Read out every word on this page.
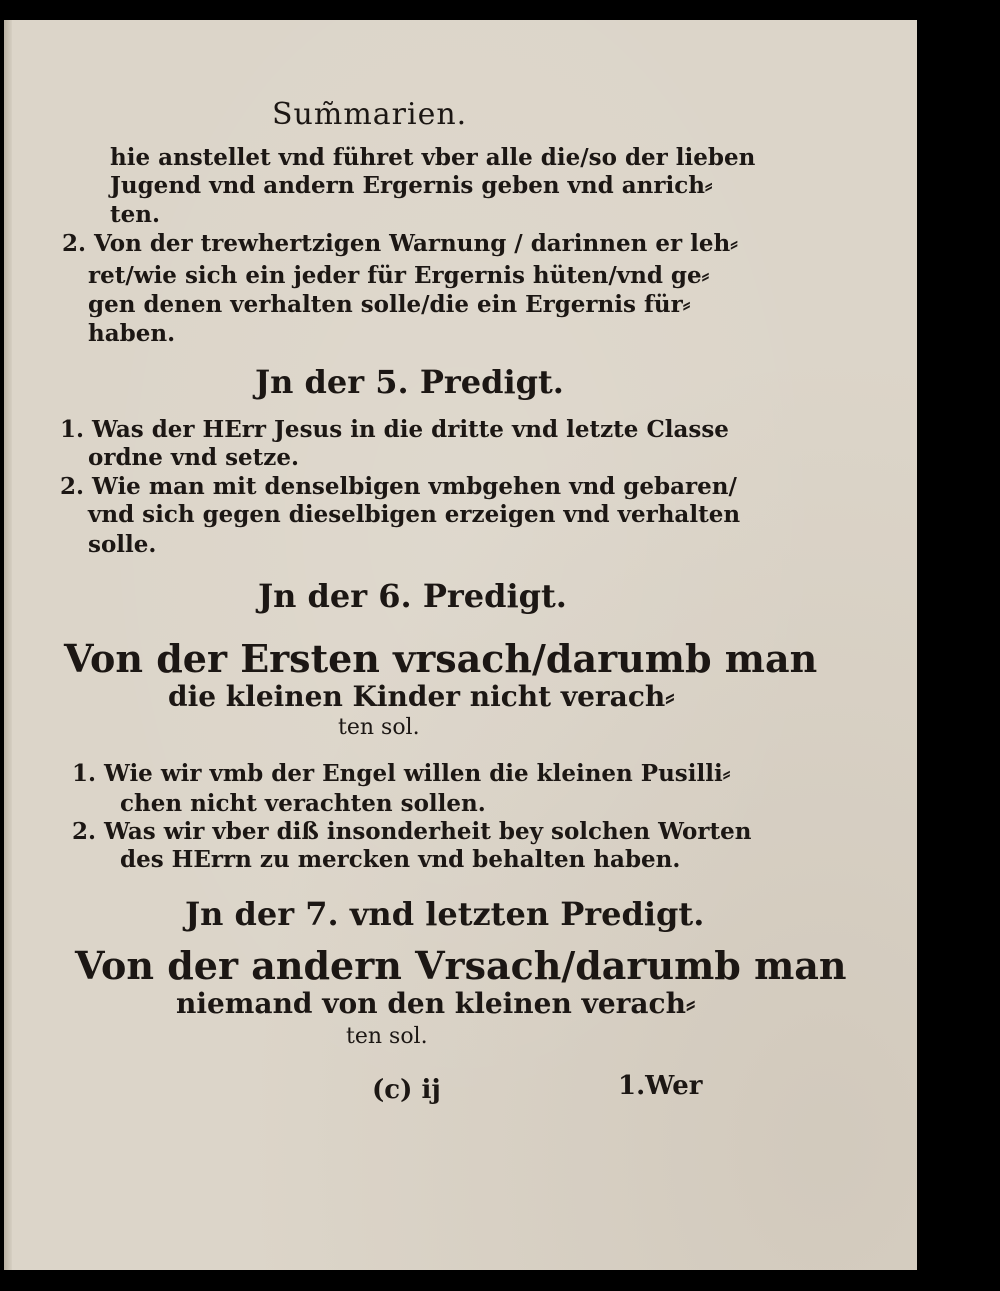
Sum̃marien.
hie anstellet vnd führet vber alle die/so der lieben
Jugend vnd andern Ergernis geben vnd anrich⸗
ten.
2. Von der trewhertzigen Warnung / darinnen er leh⸗
ret/wie sich ein jeder für Ergernis hüten/vnd ge⸗
gen denen verhalten solle/die ein Ergernis für⸗
haben.
Jn der 5. Predigt.
1. Was der HErr Jesus in die dritte vnd letzte Classe
ordne vnd setze.
2. Wie man mit denselbigen vmbgehen vnd gebaren/
vnd sich gegen dieselbigen erzeigen vnd verhalten
solle.
Jn der 6. Predigt.
Von der Ersten vrsach/darumb man
die kleinen Kinder nicht verach⸗
ten sol.
1. Wie wir vmb der Engel willen die kleinen Pusilli⸗
chen nicht verachten sollen.
2. Was wir vber diß insonderheit bey solchen Worten
des HErrn zu mercken vnd behalten haben.
Jn der 7. vnd letzten Predigt.
Von der andern Vrsach/darumb man
niemand von den kleinen verach⸗
ten sol.
(c) ij	1.Wer
